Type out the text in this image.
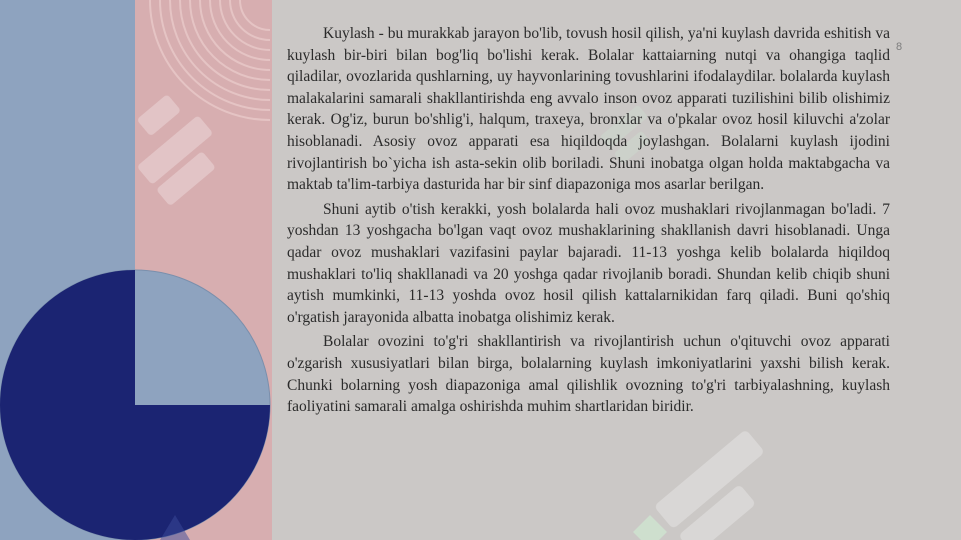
8

Kuylash - bu murakkab jarayon bo'lib, tovush hosil qilish, ya'ni kuylash davrida eshitish va kuylash bir-biri bilan bog'liq bo'lishi kerak. Bolalar kattaiarning nutqi va ohangiga taqlid qiladilar, ovozlarida qushlarning, uy hayvonlarining tovushlarini ifodalaydilar. bolalarda kuylash malakalarini samarali shakllantirishda eng avvalo inson ovoz apparati tuzilishini bilib olishimiz kerak. Og'iz, burun bo'shlig'i, halqum, traxeya, bronxlar va o'pkalar ovoz hosil kiluvchi a'zolar hisoblanadi. Asosiy ovoz apparati esa hiqildoqda joylashgan. Bolalarni kuylash ijodini rivojlantirish bo`yicha ish asta-sekin olib boriladi. Shuni inobatga olgan holda maktabgacha va maktab ta'lim-tarbiya dasturida har bir sinf diapazoniga mos asarlar berilgan.

Shuni aytib o'tish kerakki, yosh bolalarda hali ovoz mushaklari rivojlanmagan bo'ladi. 7 yoshdan 13 yoshgacha bo'lgan vaqt ovoz mushaklarining shakllanish davri hisoblanadi. Unga qadar ovoz mushaklari vazifasini paylar bajaradi. 11-13 yoshga kelib bolalarda hiqildoq mushaklari to'liq shakllanadi va 20 yoshga qadar rivojlanib boradi. Shundan kelib chiqib shuni aytish mumkinki, 11-13 yoshda ovoz hosil qilish kattalarnikidan farq qiladi. Buni qo'shiq o'rgatish jarayonida albatta inobatga olishimiz kerak.

Bolalar ovozini to'g'ri shakllantirish va rivojlantirish uchun o'qituvchi ovoz apparati o'zgarish xususiyatlari bilan birga, bolalarning kuylash imkoniyatlarini yaxshi bilish kerak. Chunki bolarning yosh diapazoniga amal qilishlik ovozning to'g'ri tarbiyalashning, kuylash faoliyatini samarali amalga oshirishda muhim shartlaridan biridir.
